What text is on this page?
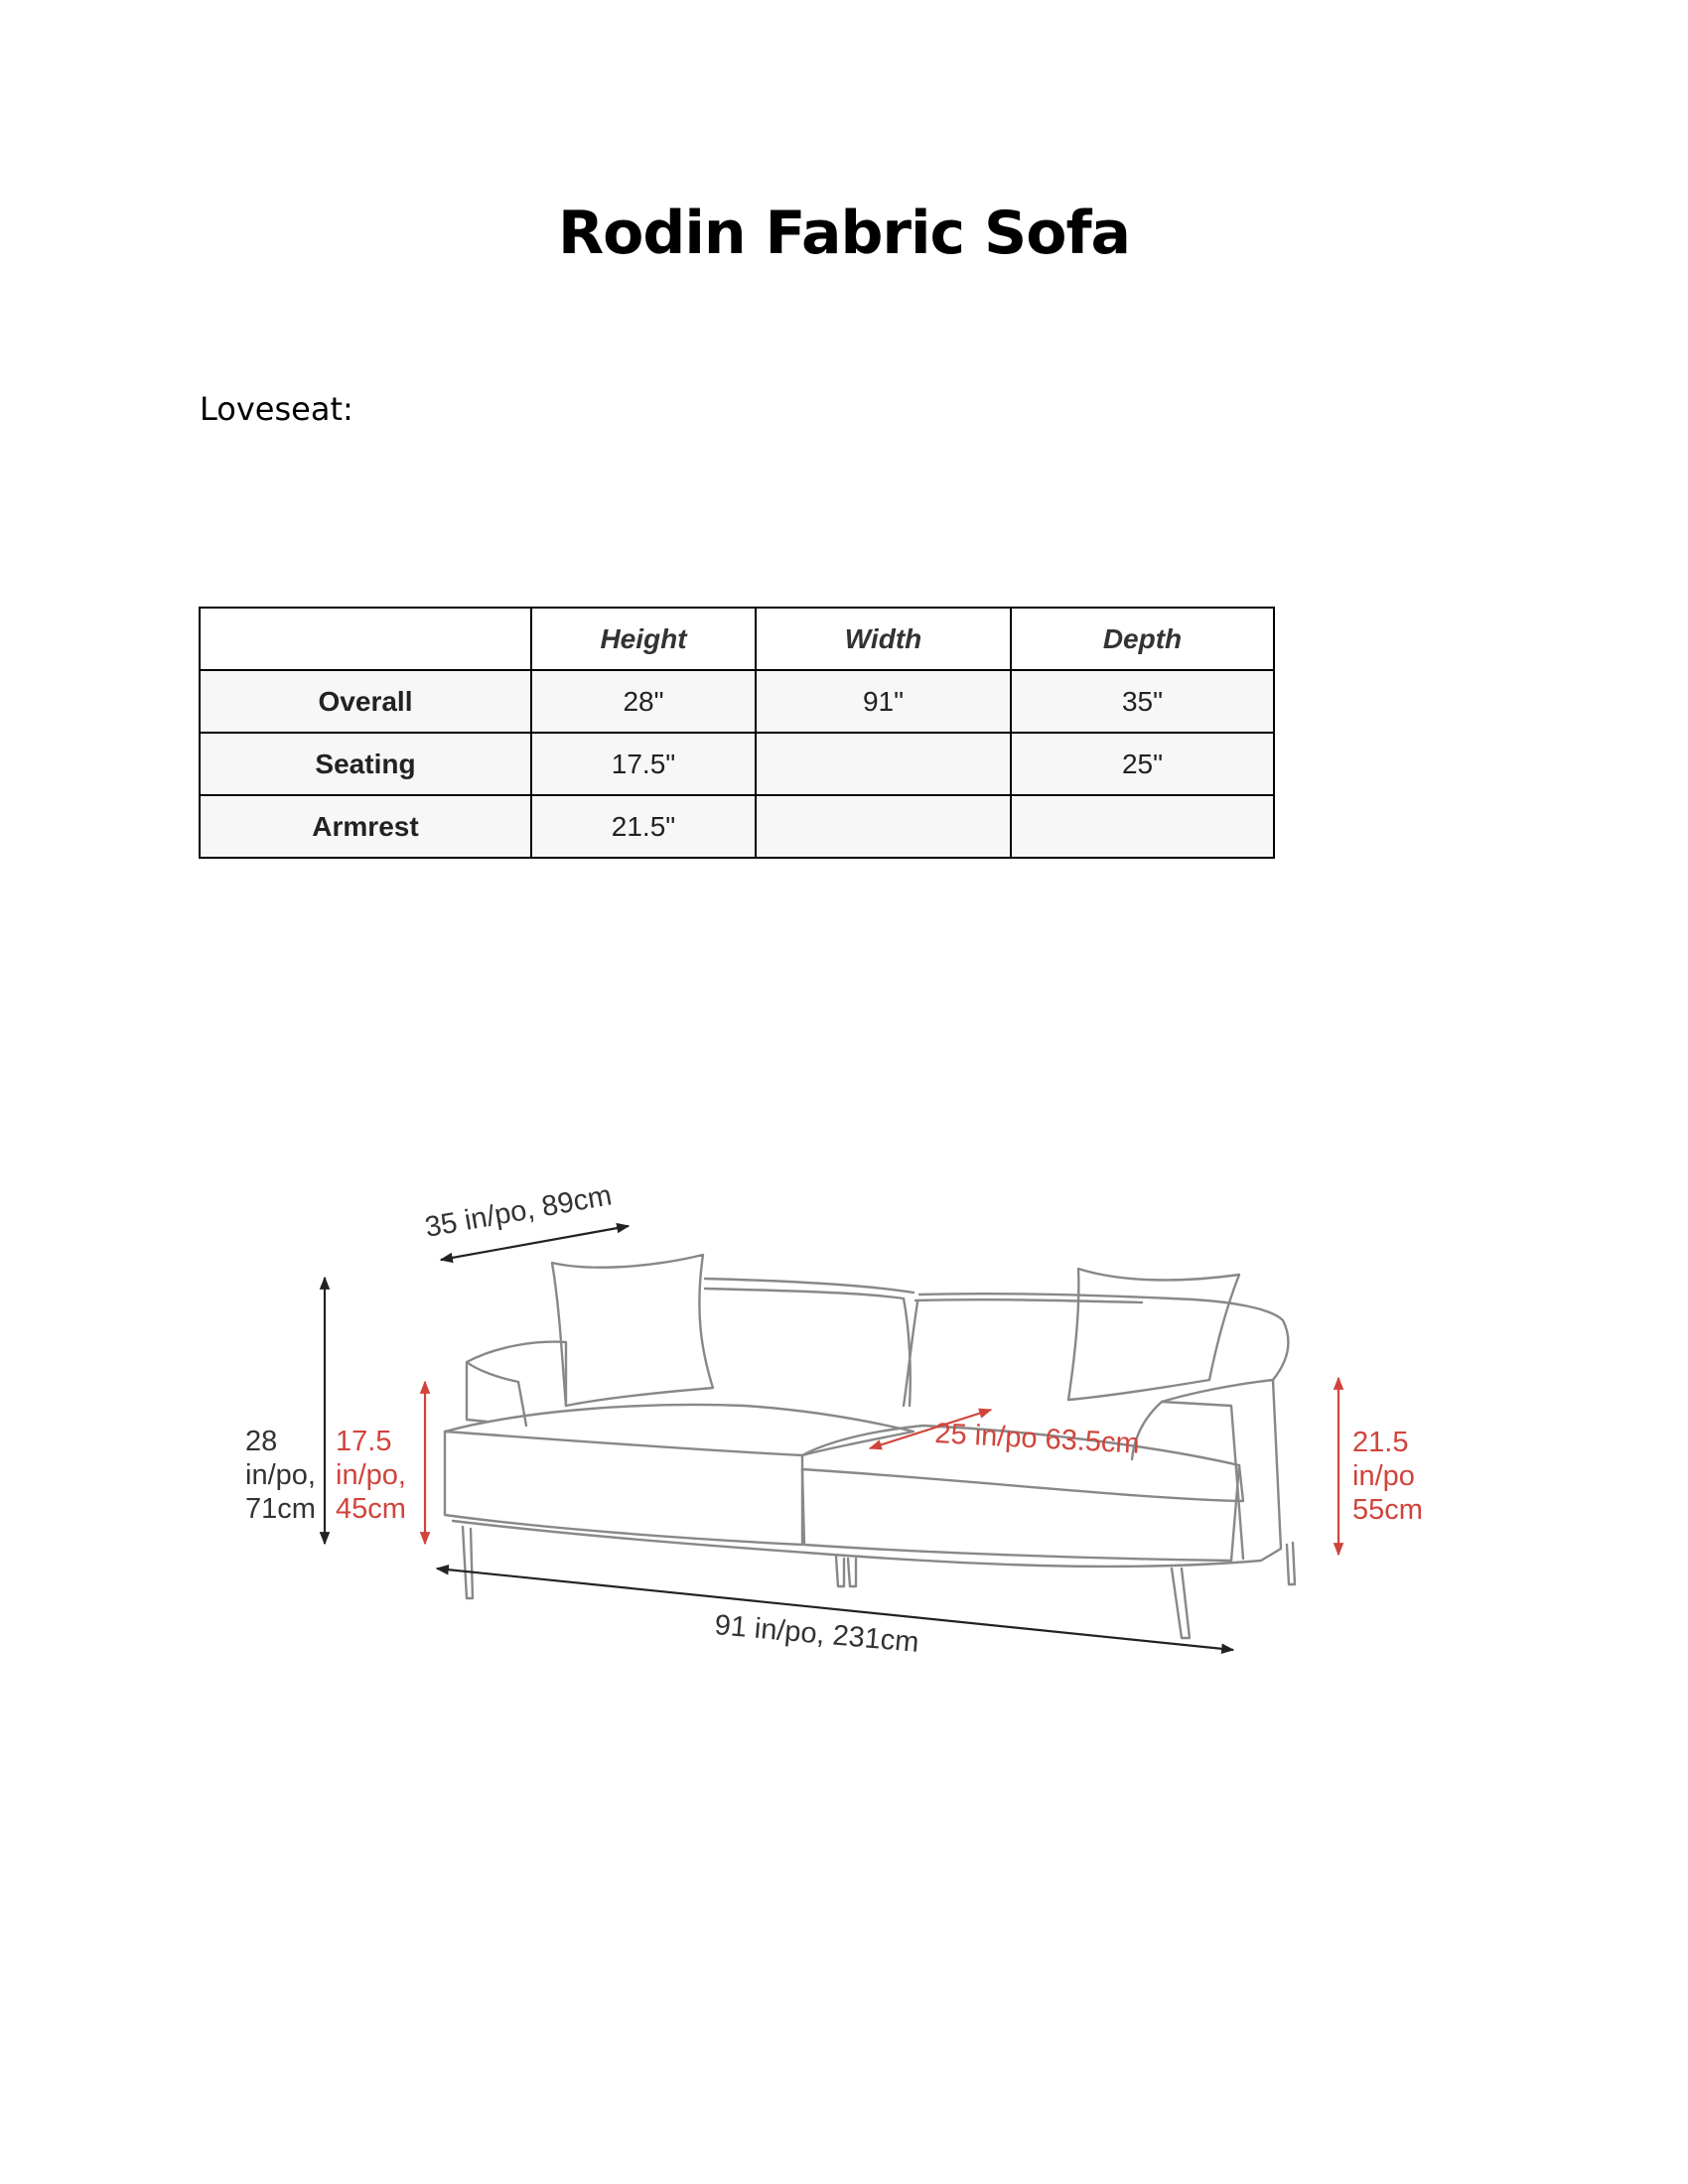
Rodin Fabric Sofa

Loveseat:

	Height	Width	Depth
Overall	28"	91"	35"
Seating	17.5"		25"
Armrest	21.5"		
35 in/po, 89cm
28
in/po,
71cm
17.5
in/po,
45cm
25 in/po 63.5cm	21.5
in/po
55cm
91 in/po, 231cm
